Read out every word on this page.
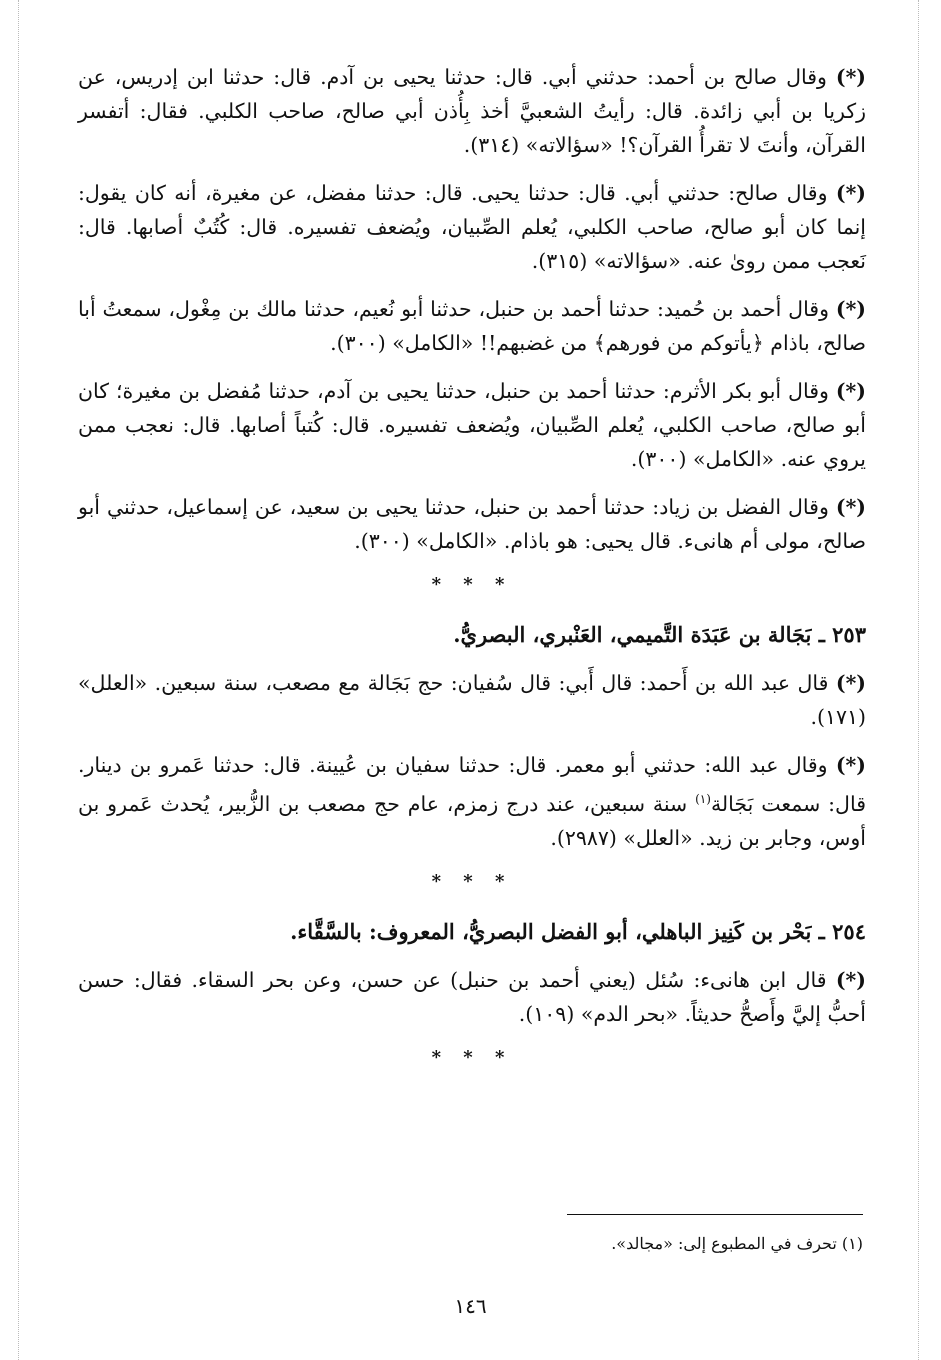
(*) وقال صالح بن أحمد: حدثني أبي. قال: حدثنا يحيى بن آدم. قال: حدثنا ابن إدريس، عن زكريا بن أبي زائدة. قال: رأيتُ الشعبيَّ أخذ بِأُذن أبي صالح، صاحب الكلبي. فقال: أتفسر القرآن، وأنتَ لا تقرأُ القرآن؟! «سؤالاته» (٣١٤).

(*) وقال صالح: حدثني أبي. قال: حدثنا يحيى. قال: حدثنا مفضل، عن مغيرة، أنه كان يقول: إنما كان أبو صالح، صاحب الكلبي، يُعلم الصِّبيان، ويُضعف تفسيره. قال: كُتُبٌ أصابها. قال: نَعجب ممن روىٰ عنه. «سؤالاته» (٣١٥).

(*) وقال أحمد بن حُميد: حدثنا أحمد بن حنبل، حدثنا أبو نُعيم، حدثنا مالك بن مِغْول، سمعتُ أبا صالح، باذام ﴿يأتوكم من فورهم﴾ من غضبهم!! «الكامل» (٣٠٠).

(*) وقال أبو بكر الأثرم: حدثنا أحمد بن حنبل، حدثنا يحيى بن آدم، حدثنا مُفضل بن مغيرة؛ كان أبو صالح، صاحب الكلبي، يُعلم الصِّبيان، ويُضعف تفسيره. قال: كُتباً أصابها. قال: نعجب ممن يروي عنه. «الكامل» (٣٠٠).

(*) وقال الفضل بن زياد: حدثنا أحمد بن حنبل، حدثنا يحيى بن سعيد، عن إسماعيل، حدثني أبو صالح، مولى أم هانىء. قال يحيى: هو باذام. «الكامل» (٣٠٠).

* * *
٢٥٣ ـ بَجَالة بن عَبَدَة التَّميمي، العَنْبري، البصريُّ.

(*) قال عبد الله بن أَحمد: قال أَبي: قال سُفيان: حج بَجَالة مع مصعب، سنة سبعين. «العلل» (١٧١).

(*) وقال عبد الله: حدثني أبو معمر. قال: حدثنا سفيان بن عُيينة. قال: حدثنا عَمرو بن دينار. قال: سمعت بَجَالة$^{(١)}$ سنة سبعين، عند درج زمزم، عام حج مصعب بن الزُّبير، يُحدث عَمرو بن أوس، وجابر بن زيد. «العلل» (٢٩٨٧).

* * *
٢٥٤ ـ بَحْر بن كَنِيز الباهلي، أبو الفضل البصريُّ، المعروف: بالسَّقَّاء.

(*) قال ابن هانىء: سُئل (يعني أحمد بن حنبل) عن حسن، وعن بحر السقاء. فقال: حسن أحبُّ إليَّ وأَصحُّ حديثاً. «بحر الدم» (١٠٩).

* * *
(١) تحرف في المطبوع إلى: «مجالد».
١٤٦
